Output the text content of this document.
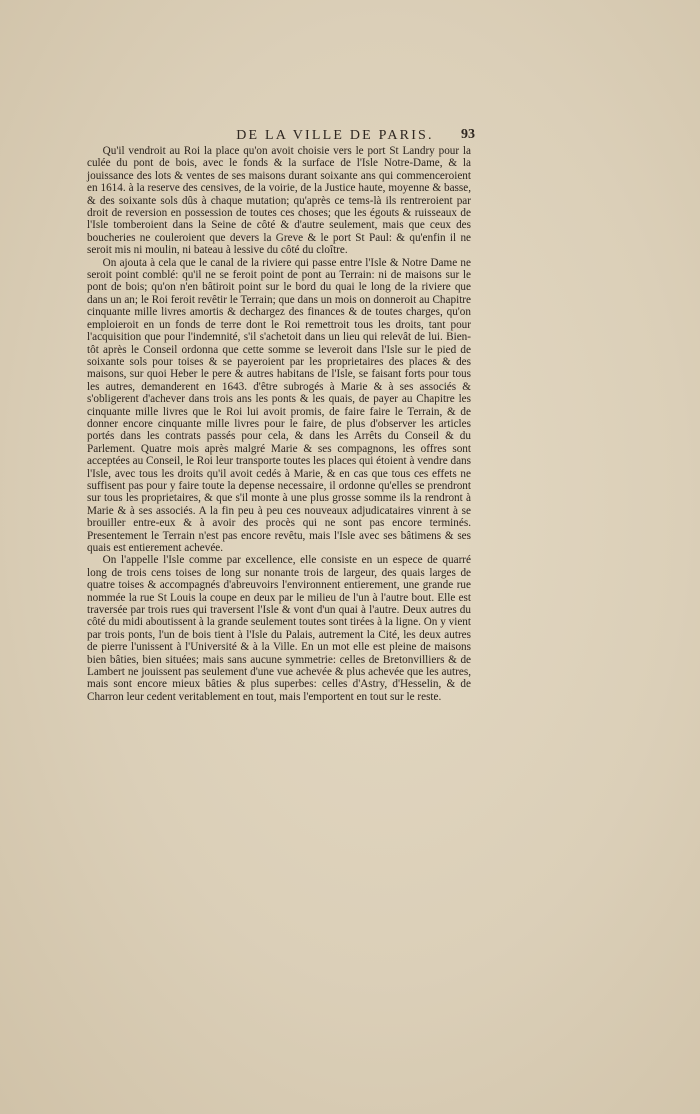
DE LA VILLE DE PARIS.	93

Qu'il vendroit au Roi la place qu'on avoit choisie vers le port St Landry pour la culée du pont de bois, avec le fonds & la surface de l'Isle Notre-Dame, & la jouissance des lots & ventes de ses maisons durant soixante ans qui commenceroient en 1614. à la reserve des censives, de la voirie, de la Justice haute, moyenne & basse, & des soixante sols dûs à chaque mutation; qu'après ce tems-là ils rentreroient par droit de reversion en possession de toutes ces choses; que les égouts & ruisseaux de l'Isle tomberoient dans la Seine de côté & d'autre seulement, mais que ceux des boucheries ne couleroient que devers la Greve & le port St Paul: & qu'enfin il ne seroit mis ni moulin, ni bateau à lessive du côté du cloître.

On ajouta à cela que le canal de la riviere qui passe entre l'Isle & Notre Dame ne seroit point comblé: qu'il ne se feroit point de pont au Terrain: ni de maisons sur le pont de bois; qu'on n'en bâtiroit point sur le bord du quai le long de la riviere que dans un an; le Roi feroit revêtir le Terrain; que dans un mois on donneroit au Chapitre cinquante mille livres amortis & dechargez des finances & de toutes charges, qu'on emploieroit en un fonds de terre dont le Roi remettroit tous les droits, tant pour l'acquisition que pour l'indemnité, s'il s'achetoit dans un lieu qui relevât de lui. Bien-tôt après le Conseil ordonna que cette somme se leveroit dans l'Isle sur le pied de soixante sols pour toises & se payeroient par les proprietaires des places & des maisons, sur quoi Heber le pere & autres habitans de l'Isle, se faisant forts pour tous les autres, demanderent en 1643. d'être subrogés à Marie & à ses associés & s'obligerent d'achever dans trois ans les ponts & les quais, de payer au Chapitre les cinquante mille livres que le Roi lui avoit promis, de faire faire le Terrain, & de donner encore cinquante mille livres pour le faire, de plus d'observer les articles portés dans les contrats passés pour cela, & dans les Arrêts du Conseil & du Parlement. Quatre mois après malgré Marie & ses compagnons, les offres sont acceptées au Conseil, le Roi leur transporte toutes les places qui étoient à vendre dans l'Isle, avec tous les droits qu'il avoit cedés à Marie, & en cas que tous ces effets ne suffisent pas pour y faire toute la depense necessaire, il ordonne qu'elles se prendront sur tous les proprietaires, & que s'il monte à une plus grosse somme ils la rendront à Marie & à ses associés. A la fin peu à peu ces nouveaux adjudicataires vinrent à se brouiller entre-eux & à avoir des procès qui ne sont pas encore terminés. Presentement le Terrain n'est pas encore revêtu, mais l'Isle avec ses bâtimens & ses quais est entierement achevée.

On l'appelle l'Isle comme par excellence, elle consiste en un espece de quarré long de trois cens toises de long sur nonante trois de largeur, des quais larges de quatre toises & accompagnés d'abreuvoirs l'environnent entierement, une grande rue nommée la rue St Louis la coupe en deux par le milieu de l'un à l'autre bout. Elle est traversée par trois rues qui traversent l'Isle & vont d'un quai à l'autre. Deux autres du côté du midi aboutissent à la grande seulement toutes sont tirées à la ligne. On y vient par trois ponts, l'un de bois tient à l'Isle du Palais, autrement la Cité, les deux autres de pierre l'unissent à l'Université & à la Ville. En un mot elle est pleine de maisons bien bâties, bien situées; mais sans aucune symmetrie: celles de Bretonvilliers & de Lambert ne jouissent pas seulement d'une vue achevée & plus achevée que les autres, mais sont encore mieux bâties & plus superbes: celles d'Astry, d'Hesselin, & de Charron leur cedent veritablement en tout, mais l'emportent en tout sur le reste.
